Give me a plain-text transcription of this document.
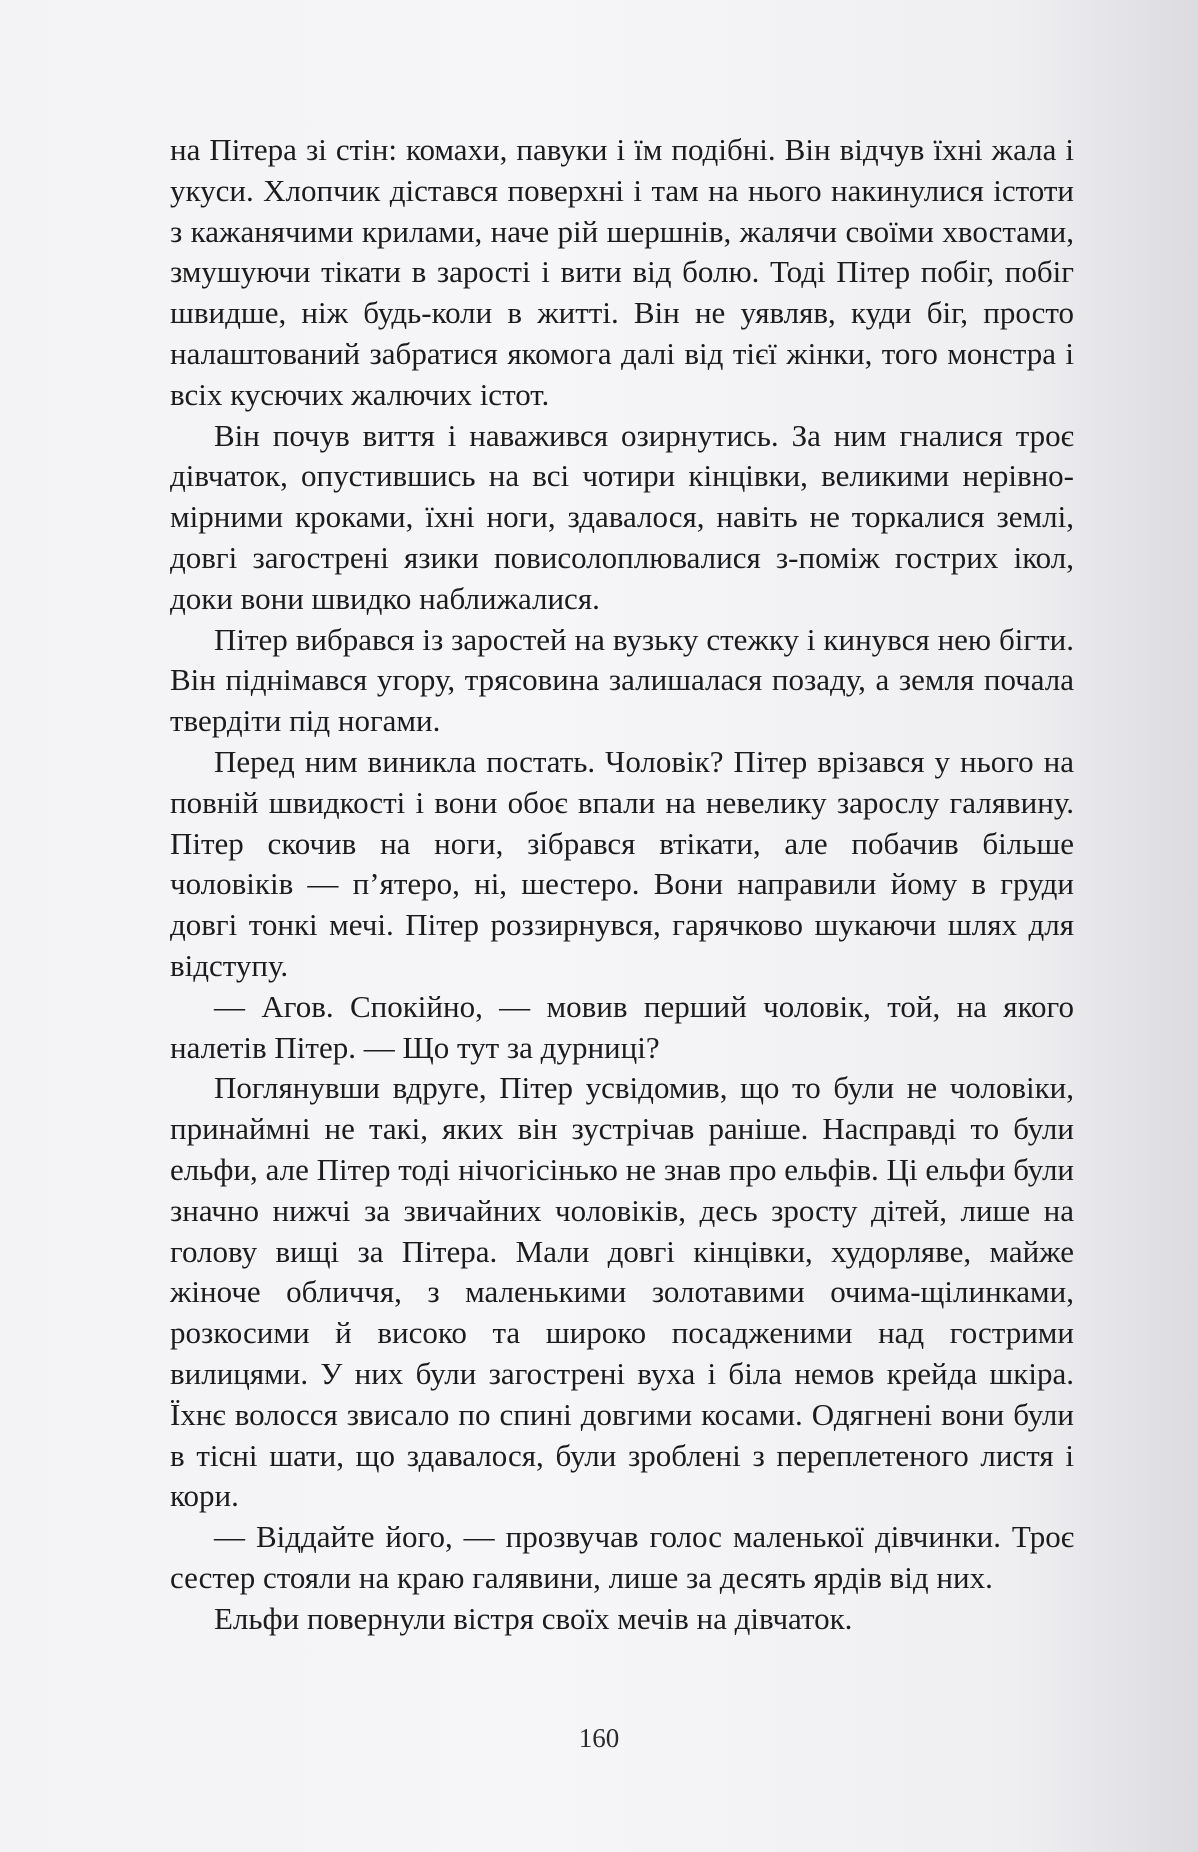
на Пітера зі стін: комахи, павуки і їм подібні. Він відчув їхні жала і укуси. Хлопчик дістався поверхні і там на нього накинулися істоти з кажанячими крилами, наче рій шершнів, жалячи своїми хвостами, змушуючи тікати в зарості і вити від болю. Тоді Пітер побіг, побіг швидше, ніж будь-коли в житті. Він не уявляв, куди біг, просто налаштований забратися якомога далі від тієї жінки, того монстра і всіх кусючих жалючих істот.

Він почув виття і наважився озирнутись. За ним гналися троє дівчаток, опустившись на всі чотири кінцівки, великими нерівномірними кроками, їхні ноги, здавалося, навіть не торкалися землі, довгі загострені язики повисолоплювалися з-поміж гострих ікол, доки вони швидко наближалися.

Пітер вибрався із заростей на вузьку стежку і кинувся нею бігти. Він піднімався угору, трясовина залишалася позаду, а земля почала твердіти під ногами.

Перед ним виникла постать. Чоловік? Пітер врізався у нього на повній швидкості і вони обоє впали на невелику зарослу галявину. Пітер скочив на ноги, зібрався втікати, але побачив більше чоловіків — п’ятеро, ні, шестеро. Вони направили йому в груди довгі тонкі мечі. Пітер роззирнувся, гарячково шукаючи шлях для відступу.

— Агов. Спокійно, — мовив перший чоловік, той, на якого налетів Пітер. — Що тут за дурниці?

Поглянувши вдруге, Пітер усвідомив, що то були не чоловіки, принаймні не такі, яких він зустрічав раніше. Насправді то були ельфи, але Пітер тоді нічогісінько не знав про ельфів. Ці ельфи були значно нижчі за звичайних чоловіків, десь зросту дітей, лише на голову вищі за Пітера. Мали довгі кінцівки, худорляве, майже жіноче обличчя, з маленькими золотавими очима-щілинками, розкосими й високо та широко посадженими над гострими вилицями. У них були загострені вуха і біла немов крейда шкіра. Їхнє волосся звисало по спині довгими косами. Одягнені вони були в тісні шати, що здавалося, були зроблені з переплетеного листя і кори.

— Віддайте його, — прозвучав голос маленької дівчинки. Троє сестер стояли на краю галявини, лише за десять ярдів від них.

Ельфи повернули вістря своїх мечів на дівчаток.

160
